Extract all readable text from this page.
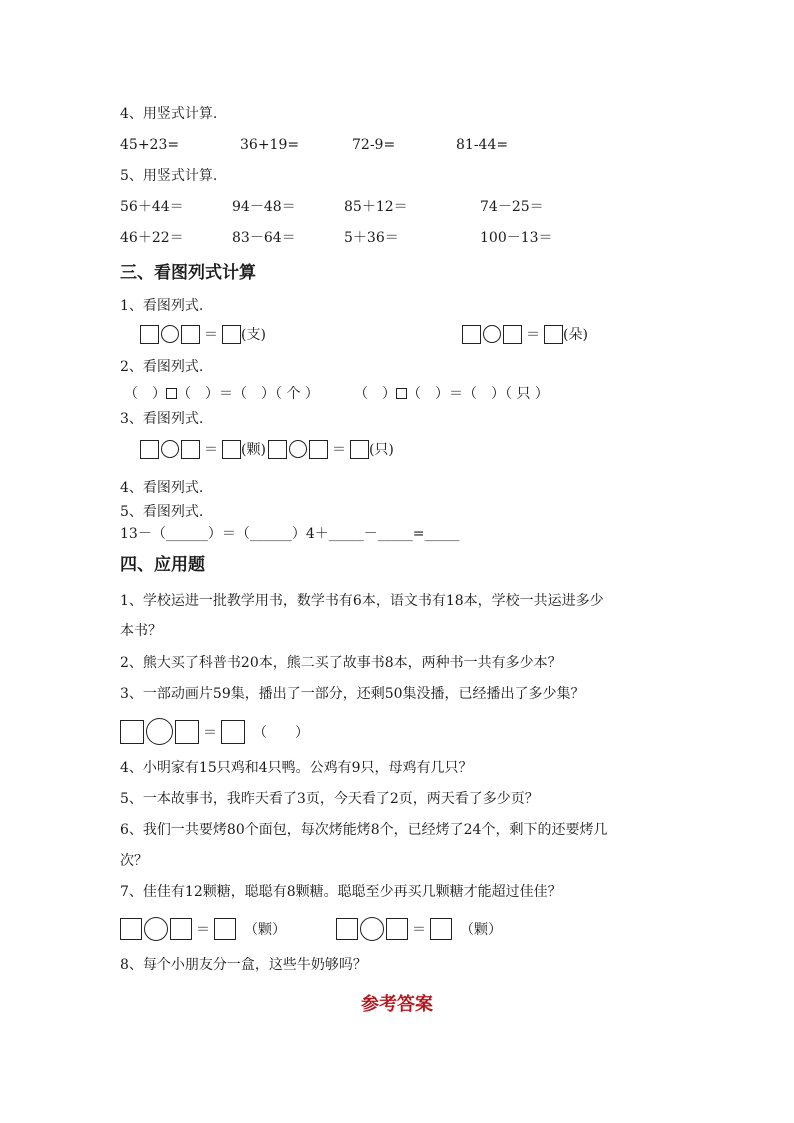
4、用竖式计算.
45+23=	36+19=	72-9=	81-44=
5、用竖式计算.
56＋44＝	94－48＝	85＋12＝	74－25＝
46＋22＝	83－64＝	5＋36＝	100－13＝
三、看图列式计算
1、看图列式.
＝ (支)	＝ (朵)
2、看图列式.
（　） （　）＝（　）（ 个 ）	（　） （　）＝（　）（ 只 ）
3、看图列式.
＝ (颗)	＝ (只)
4、看图列式.
5、看图列式.
13－（______）＝（______）4＋_____－_____=_____
四、应用题
1、学校运进一批教学用书，数学书有6本，语文书有18本，学校一共运进多少
本书？
2、熊大买了科普书20本，熊二买了故事书8本，两种书一共有多少本？
3、一部动画片59集，播出了一部分，还剩50集没播，已经播出了多少集？
＝	（　　）
4、小明家有15只鸡和4只鸭。公鸡有9只，母鸡有几只？
5、一本故事书，我昨天看了3页，今天看了2页，两天看了多少页？
6、我们一共要烤80个面包，每次烤能烤8个，已经烤了24个，剩下的还要烤几
次？
7、佳佳有12颗糖，聪聪有8颗糖。聪聪至少再买几颗糖才能超过佳佳？
＝ （颗）	＝ （颗）
8、每个小朋友分一盒，这些牛奶够吗？
参考答案
